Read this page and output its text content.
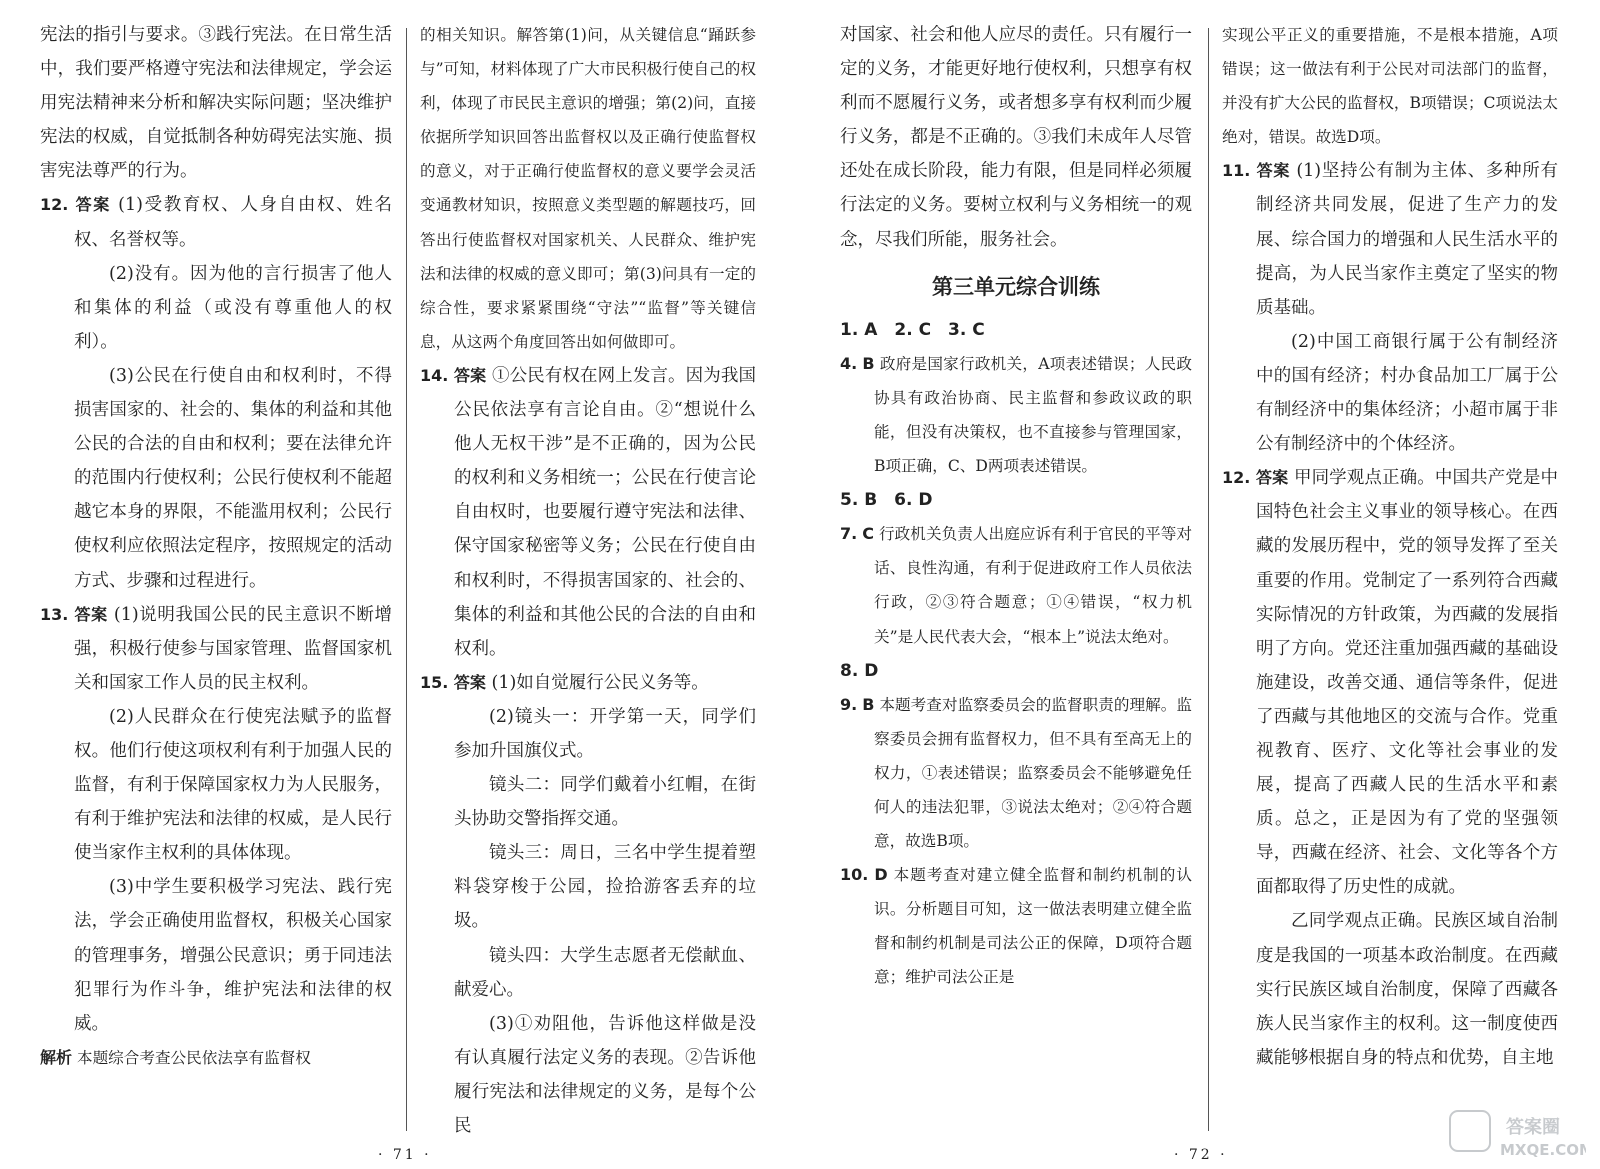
宪法的指引与要求。③践行宪法。在日常生活中，我们要严格遵守宪法和法律规定，学会运用宪法精神来分析和解决实际问题；坚决维护宪法的权威，自觉抵制各种妨碍宪法实施、损害宪法尊严的行为。

12. 答案 (1)受教育权、人身自由权、姓名权、名誉权等。

(2)没有。因为他的言行损害了他人和集体的利益（或没有尊重他人的权利）。

(3)公民在行使自由和权利时，不得损害国家的、社会的、集体的利益和其他公民的合法的自由和权利；要在法律允许的范围内行使权利；公民行使权利不能超越它本身的界限，不能滥用权利；公民行使权利应依照法定程序，按照规定的活动方式、步骤和过程进行。

13. 答案 (1)说明我国公民的民主意识不断增强，积极行使参与国家管理、监督国家机关和国家工作人员的民主权利。

(2)人民群众在行使宪法赋予的监督权。他们行使这项权利有利于加强人民的监督，有利于保障国家权力为人民服务，有利于维护宪法和法律的权威，是人民行使当家作主权利的具体体现。

(3)中学生要积极学习宪法、践行宪法，学会正确使用监督权，积极关心国家的管理事务，增强公民意识；勇于同违法犯罪行为作斗争，维护宪法和法律的权威。

解析 本题综合考查公民依法享有监督权

的相关知识。解答第(1)问，从关键信息“踊跃参与”可知，材料体现了广大市民积极行使自己的权利，体现了市民民主意识的增强；第(2)问，直接依据所学知识回答出监督权以及正确行使监督权的意义，对于正确行使监督权的意义要学会灵活变通教材知识，按照意义类型题的解题技巧，回答出行使监督权对国家机关、人民群众、维护宪法和法律的权威的意义即可；第(3)问具有一定的综合性，要求紧紧围绕“守法”“监督”等关键信息，从这两个角度回答出如何做即可。

14. 答案 ①公民有权在网上发言。因为我国公民依法享有言论自由。②“想说什么他人无权干涉”是不正确的，因为公民的权利和义务相统一；公民在行使言论自由权时，也要履行遵守宪法和法律、保守国家秘密等义务；公民在行使自由和权利时，不得损害国家的、社会的、集体的利益和其他公民的合法的自由和权利。

15. 答案 (1)如自觉履行公民义务等。

(2)镜头一：开学第一天，同学们参加升国旗仪式。

镜头二：同学们戴着小红帽，在街头协助交警指挥交通。

镜头三：周日，三名中学生提着塑料袋穿梭于公园，捡拾游客丢弃的垃圾。

镜头四：大学生志愿者无偿献血、献爱心。

(3)①劝阻他，告诉他这样做是没有认真履行法定义务的表现。②告诉他履行宪法和法律规定的义务，是每个公民

· 71 ·

对国家、社会和他人应尽的责任。只有履行一定的义务，才能更好地行使权利，只想享有权利而不愿履行义务，或者想多享有权利而少履行义务，都是不正确的。③我们未成年人尽管还处在成长阶段，能力有限，但是同样必须履行法定的义务。要树立权利与义务相统一的观念，尽我们所能，服务社会。

第三单元综合训练

1. A　2. C　3. C

4. B 政府是国家行政机关，A项表述错误；人民政协具有政治协商、民主监督和参政议政的职能，但没有决策权，也不直接参与管理国家，B项正确，C、D两项表述错误。

5. B　6. D

7. C 行政机关负责人出庭应诉有利于官民的平等对话、良性沟通，有利于促进政府工作人员依法行政，②③符合题意；①④错误，“权力机关”是人民代表大会，“根本上”说法太绝对。

8. D

9. B 本题考查对监察委员会的监督职责的理解。监察委员会拥有监督权力，但不具有至高无上的权力，①表述错误；监察委员会不能够避免任何人的违法犯罪，③说法太绝对；②④符合题意，故选B项。

10. D 本题考查对建立健全监督和制约机制的认识。分析题目可知，这一做法表明建立健全监督和制约机制是司法公正的保障，D项符合题意；维护司法公正是

实现公平正义的重要措施，不是根本措施，A项错误；这一做法有利于公民对司法部门的监督，并没有扩大公民的监督权，B项错误；C项说法太绝对，错误。故选D项。

11. 答案 (1)坚持公有制为主体、多种所有制经济共同发展，促进了生产力的发展、综合国力的增强和人民生活水平的提高，为人民当家作主奠定了坚实的物质基础。

(2)中国工商银行属于公有制经济中的国有经济；村办食品加工厂属于公有制经济中的集体经济；小超市属于非公有制经济中的个体经济。

12. 答案 甲同学观点正确。中国共产党是中国特色社会主义事业的领导核心。在西藏的发展历程中，党的领导发挥了至关重要的作用。党制定了一系列符合西藏实际情况的方针政策，为西藏的发展指明了方向。党还注重加强西藏的基础设施建设，改善交通、通信等条件，促进了西藏与其他地区的交流与合作。党重视教育、医疗、文化等社会事业的发展，提高了西藏人民的生活水平和素质。总之，正是因为有了党的坚强领导，西藏在经济、社会、文化等各个方面都取得了历史性的成就。

乙同学观点正确。民族区域自治制度是我国的一项基本政治制度。在西藏实行民族区域自治制度，保障了西藏各族人民当家作主的权利。这一制度使西藏能够根据自身的特点和优势，自主地

· 72 ·
答案圈
MXQE.COM
